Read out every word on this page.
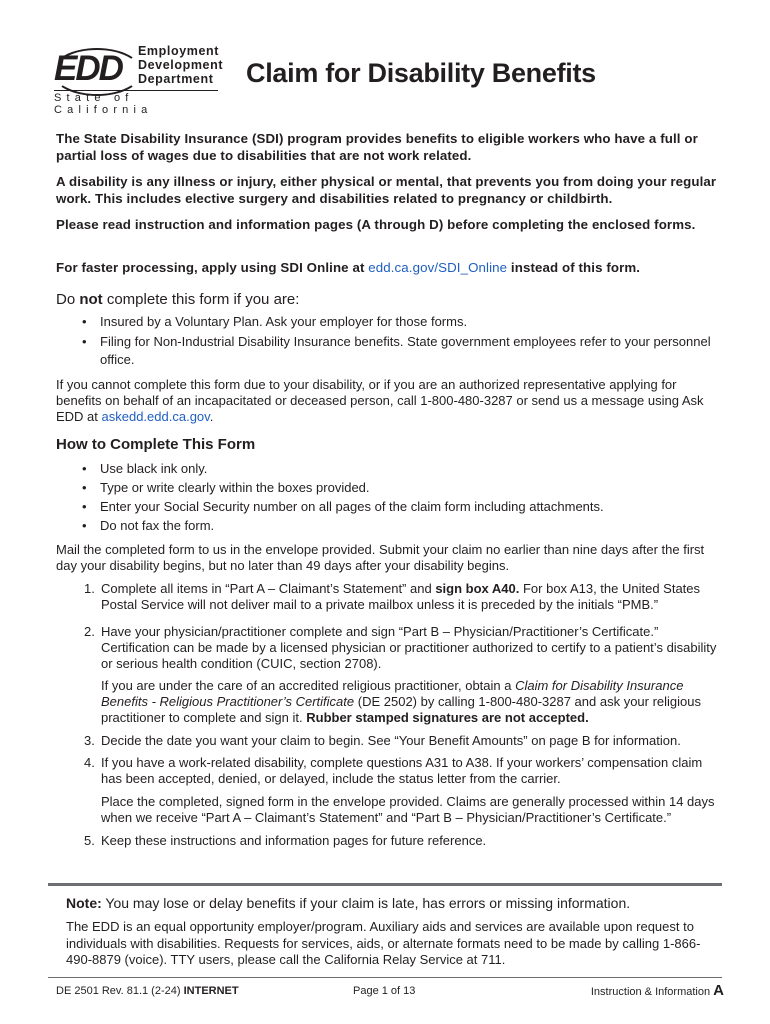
EDD Employment
Development
Department
State of California
Claim for Disability Benefits
The State Disability Insurance (SDI) program provides benefits to eligible workers who have a full or partial loss of wages due to disabilities that are not work related.
A disability is any illness or injury, either physical or mental, that prevents you from doing your regular work. This includes elective surgery and disabilities related to pregnancy or childbirth.
Please read instruction and information pages (A through D) before completing the enclosed forms.
For faster processing, apply using SDI Online at edd.ca.gov/SDI_Online instead of this form.
Do not complete this form if you are:
• Insured by a Voluntary Plan. Ask your employer for those forms.
• Filing for Non-Industrial Disability Insurance benefits. State government employees refer to your personnel office.
If you cannot complete this form due to your disability, or if you are an authorized representative applying for benefits on behalf of an incapacitated or deceased person, call 1-800-480-3287 or send us a message using Ask EDD at askedd.edd.ca.gov.
How to Complete This Form
• Use black ink only.
• Type or write clearly within the boxes provided.
• Enter your Social Security number on all pages of the claim form including attachments.
• Do not fax the form.
Mail the completed form to us in the envelope provided. Submit your claim no earlier than nine days after the first day your disability begins, but no later than 49 days after your disability begins.
1. Complete all items in “Part A – Claimant’s Statement” and sign box A40. For box A13, the United States Postal Service will not deliver mail to a private mailbox unless it is preceded by the initials “PMB.”
2. Have your physician/practitioner complete and sign “Part B – Physician/Practitioner’s Certificate.” Certification can be made by a licensed physician or practitioner authorized to certify to a patient’s disability or serious health condition (CUIC, section 2708).
If you are under the care of an accredited religious practitioner, obtain a Claim for Disability Insurance Benefits - Religious Practitioner’s Certificate (DE 2502) by calling 1-800-480-3287 and ask your religious practitioner to complete and sign it. Rubber stamped signatures are not accepted.
3. Decide the date you want your claim to begin. See “Your Benefit Amounts” on page B for information.
4. If you have a work-related disability, complete questions A31 to A38. If your workers’ compensation claim has been accepted, denied, or delayed, include the status letter from the carrier.
Place the completed, signed form in the envelope provided. Claims are generally processed within 14 days when we receive “Part A – Claimant’s Statement” and “Part B – Physician/Practitioner’s Certificate.”
5. Keep these instructions and information pages for future reference.
Note: You may lose or delay benefits if your claim is late, has errors or missing information.
The EDD is an equal opportunity employer/program. Auxiliary aids and services are available upon request to individuals with disabilities. Requests for services, aids, or alternate formats need to be made by calling 1-866-490-8879 (voice). TTY users, please call the California Relay Service at 711.
DE 2501 Rev. 81.1 (2-24) INTERNET	Page 1 of 13	Instruction & Information A
